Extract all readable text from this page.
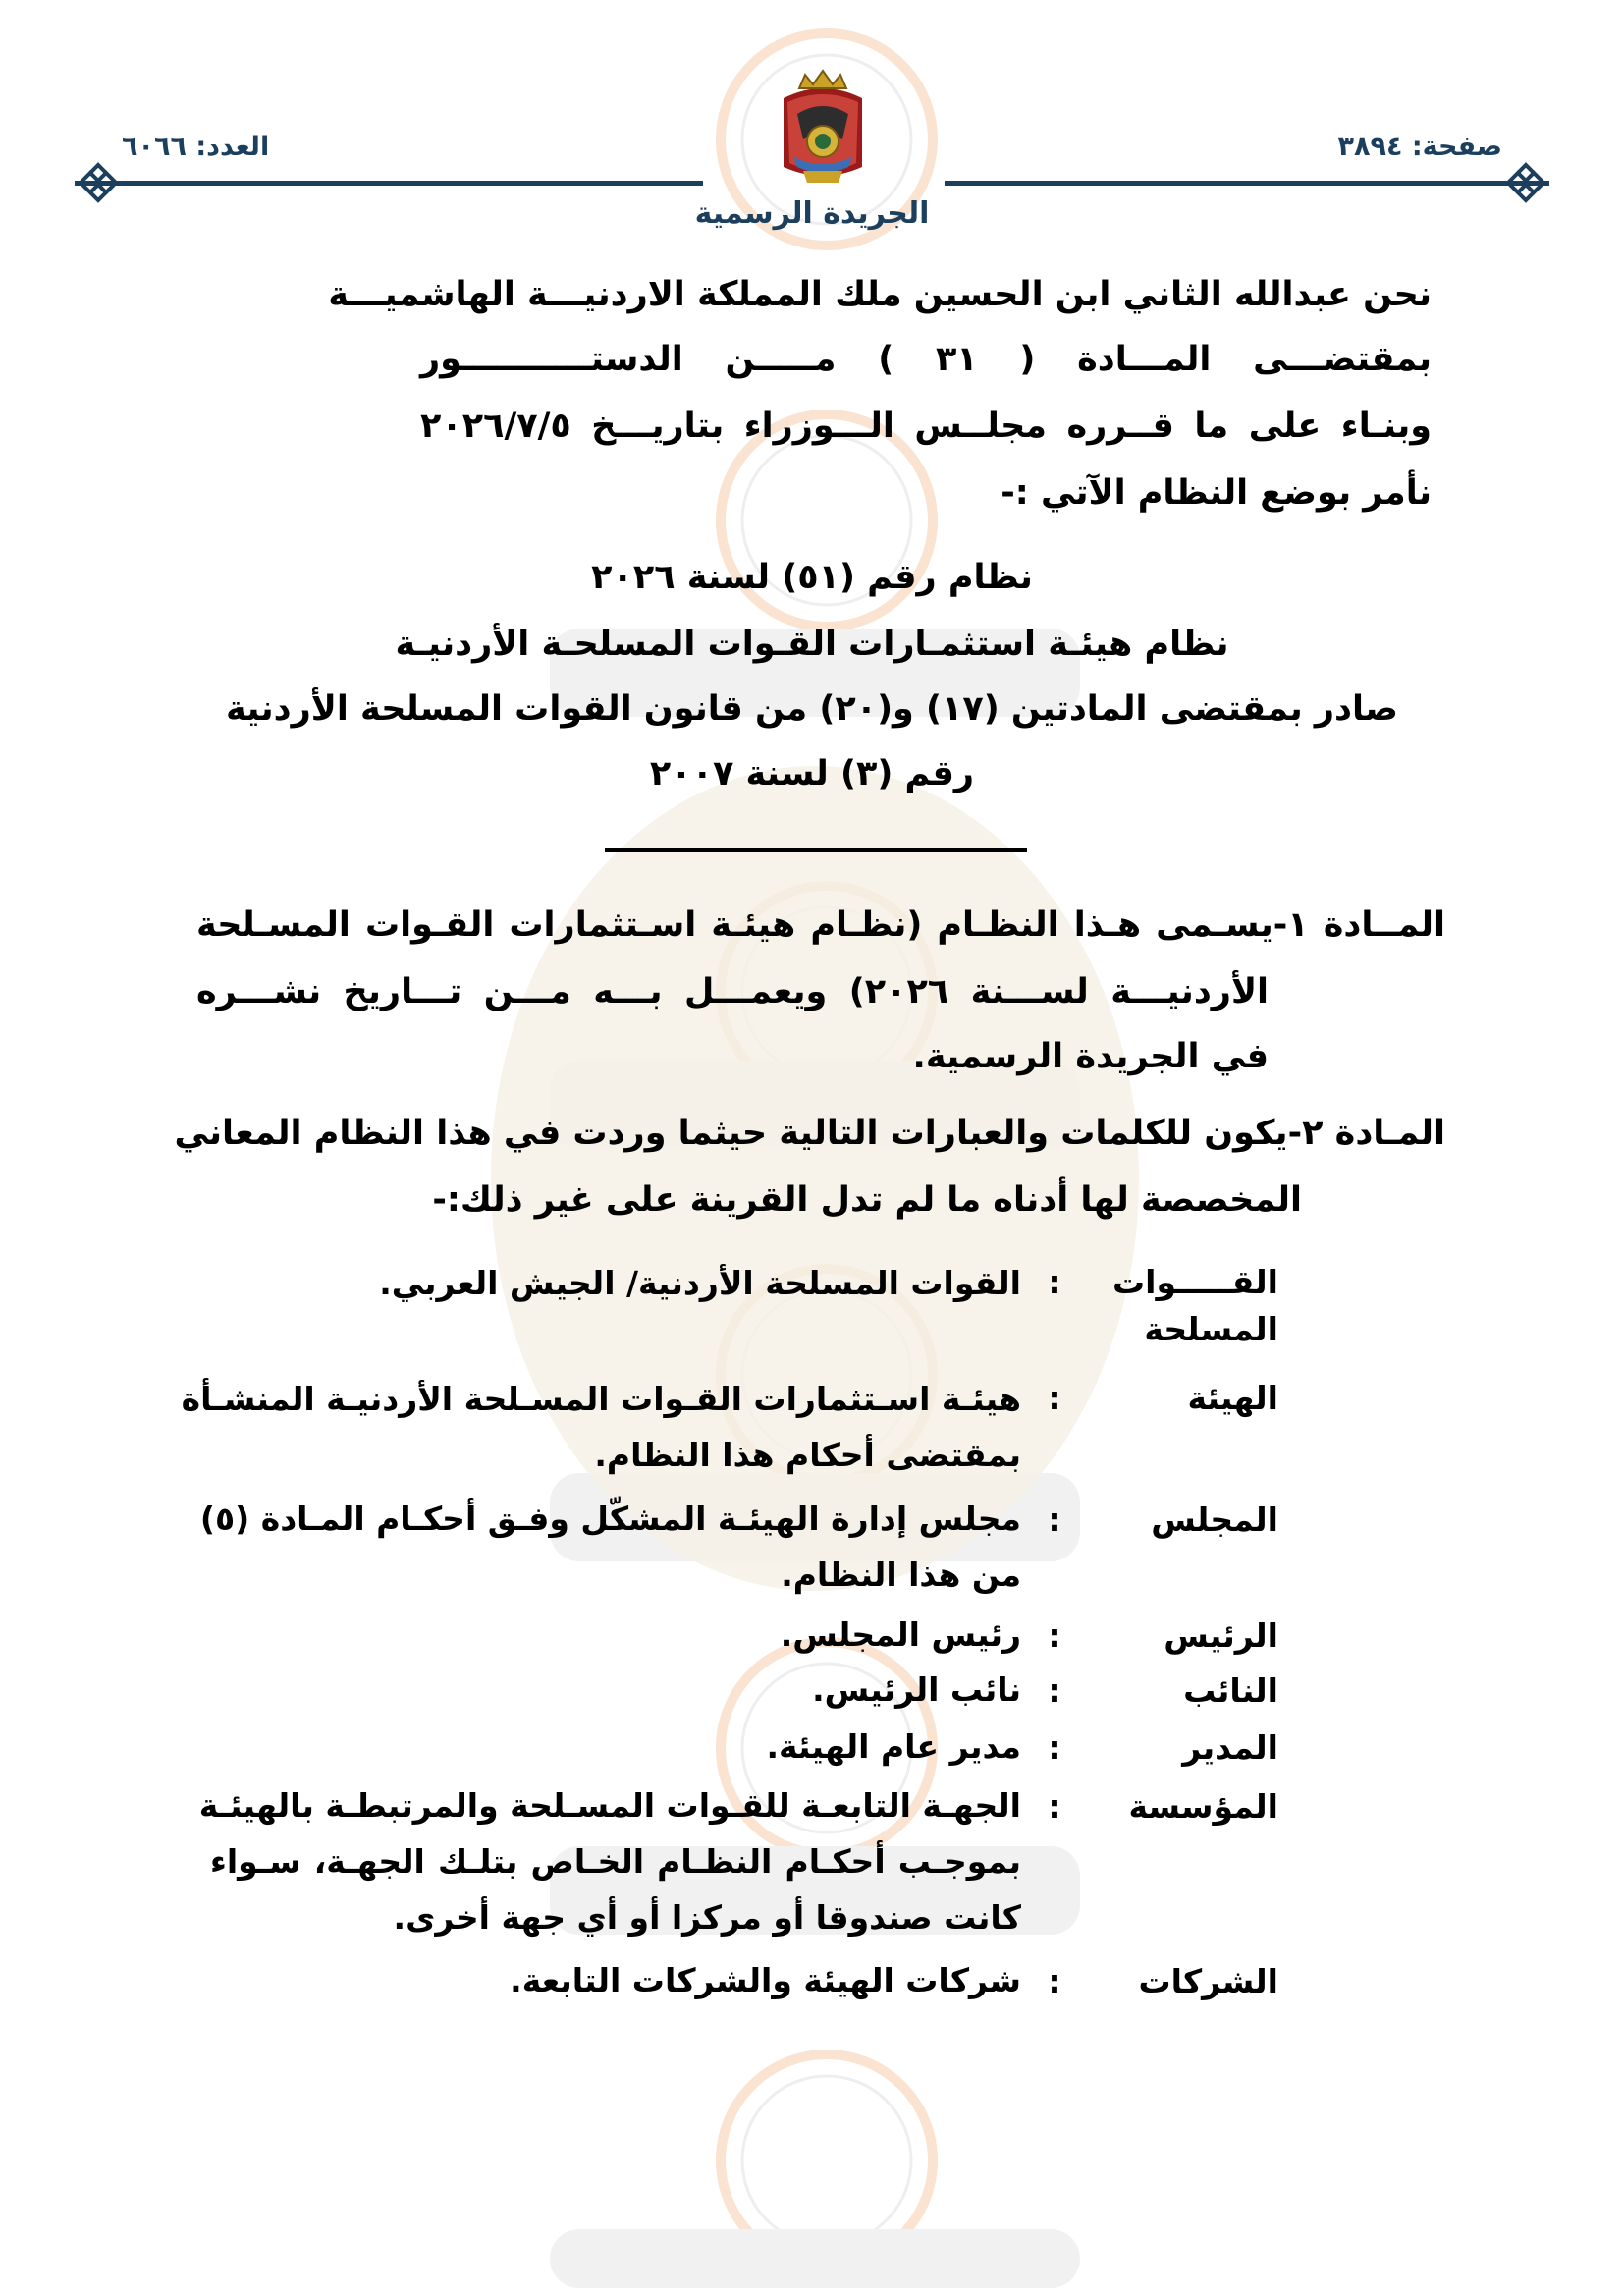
صفحة: ٣٨٩٤
العدد: ٦٠٦٦
الجريدة الرسمية
نحن عبدالله الثاني ابن الحسين ملك المملكة الاردنيـــة الهاشميـــة
بمقتضـــى المـــادة ( ٣١ ) مـــــن الدستـــــــــــور
وبنـاء على ما قــرره مجلــس الـــوزراء بتاريـــخ ٢٠٢٦/٧/٥
نأمر بوضع النظام الآتي :-
نظام رقم (٥١) لسنة ٢٠٢٦
نظام هيئـة استثمـارات القـوات المسلحـة الأردنيـة
صادر بمقتضى المادتين (١٧) و(٢٠) من قانون القوات المسلحة الأردنية
رقم (٣) لسنة ٢٠٠٧
المــادة ١-يسـمى هـذا النظـام (نظـام هيئـة اسـتثمارات القـوات المسـلحة
الأردنيـــة لســـنة ٢٠٢٦) ويعمـــل بـــه مـــن تـــاريخ نشـــره
في الجريدة الرسمية.
المـادة ٢-يكون للكلمات والعبارات التالية حيثما وردت في هذا النظام المعاني
المخصصة لها أدناه ما لم تدل القرينة على غير ذلك:-
القـــــوات المسلحة
:
القوات المسلحة الأردنية/ الجيش العربي.
الهيئة
:
هيئـة اسـتثمارات القـوات المسـلحة الأردنيـة المنشـأة
بمقتضى أحكام هذا النظام.
المجلس
:
مجلس إدارة الهيئـة المشكّل وفـق أحكـام المـادة (٥)
من هذا النظام.
الرئيس
:
رئيس المجلس.
النائب
:
نائب الرئيس.
المدير
:
مدير عام الهيئة.
المؤسسة
:
الجهـة التابعـة للقـوات المسـلحة والمرتبطـة بالهيئـة
بموجـب أحكـام النظـام الخـاص بتلـك الجهـة، سـواء
كانت صندوقا أو مركزا أو أي جهة أخرى.
الشركات
:
شركات الهيئة والشركات التابعة.
